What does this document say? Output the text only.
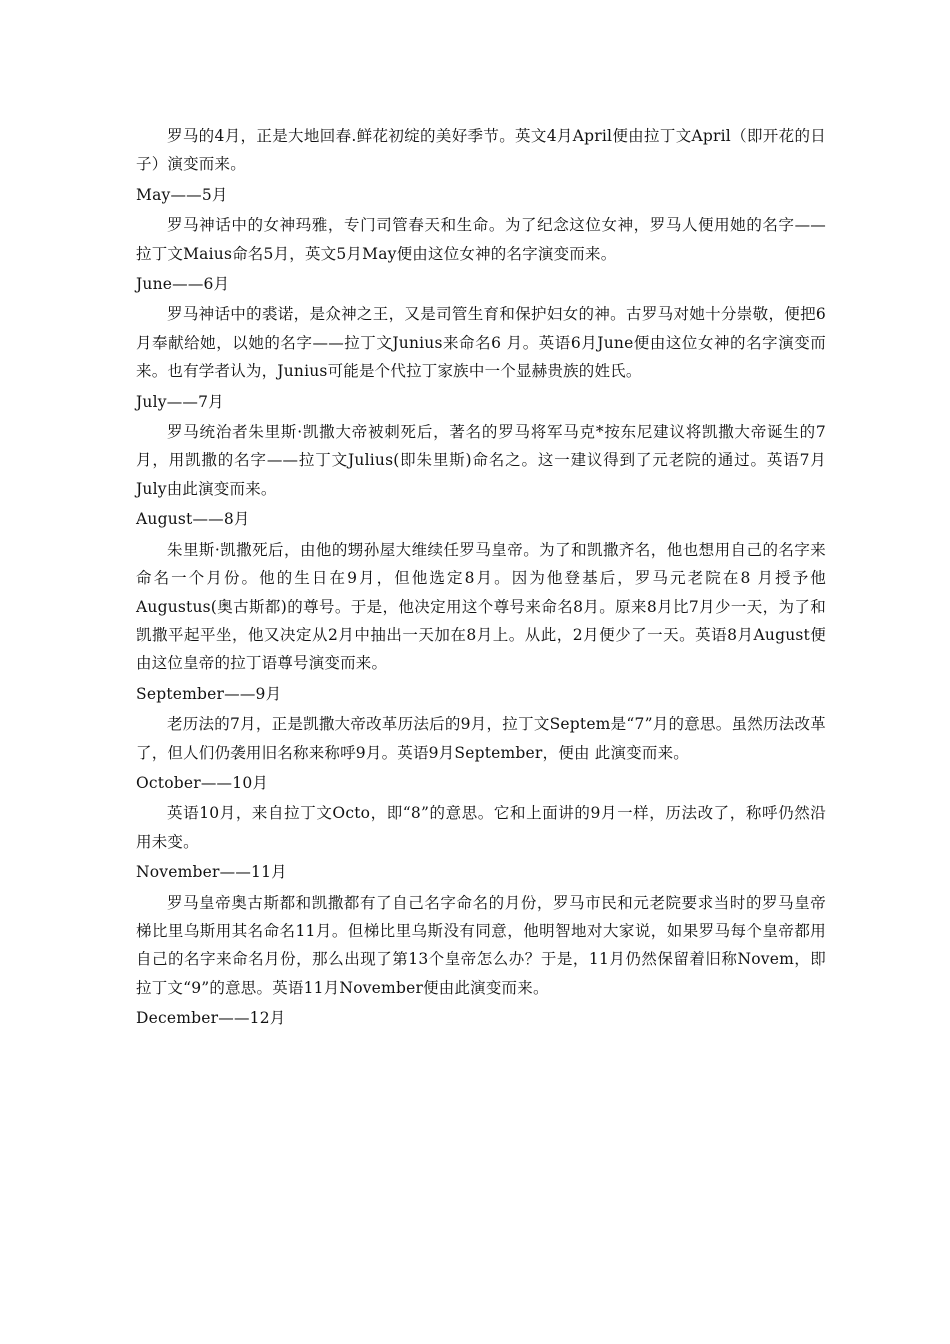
罗马的4月，正是大地回春.鲜花初绽的美好季节。英文4月April便由拉丁文April（即开花的日子）演变而来。

May——5月

罗马神话中的女神玛雅，专门司管春天和生命。为了纪念这位女神，罗马人便用她的名字——拉丁文Maius命名5月，英文5月May便由这位女神的名字演变而来。

June——6月

罗马神话中的裘诺，是众神之王，又是司管生育和保护妇女的神。古罗马对她十分崇敬，便把6月奉献给她，以她的名字——拉丁文Junius来命名6 月。英语6月June便由这位女神的名字演变而来。也有学者认为，Junius可能是个代拉丁家族中一个显赫贵族的姓氏。

July——7月

罗马统治者朱里斯·凯撒大帝被刺死后，著名的罗马将军马克*按东尼建议将凯撒大帝诞生的7月，用凯撒的名字——拉丁文Julius(即朱里斯)命名之。这一建议得到了元老院的通过。英语7月July由此演变而来。

August——8月

朱里斯·凯撒死后，由他的甥孙屋大维续任罗马皇帝。为了和凯撒齐名，他也想用自己的名字来命名一个月份。他的生日在9月，但他选定8月。因为他登基后，罗马元老院在8 月授予他Augustus(奥古斯都)的尊号。于是，他决定用这个尊号来命名8月。原来8月比7月少一天，为了和凯撒平起平坐，他又决定从2月中抽出一天加在8月上。从此，2月便少了一天。英语8月August便由这位皇帝的拉丁语尊号演变而来。

September——9月

老历法的7月，正是凯撒大帝改革历法后的9月，拉丁文Septem是“7”月的意思。虽然历法改革了，但人们仍袭用旧名称来称呼9月。英语9月September，便由 此演变而来。

October——10月

英语10月，来自拉丁文Octo，即“8”的意思。它和上面讲的9月一样，历法改了，称呼仍然沿用未变。

November——11月

罗马皇帝奥古斯都和凯撒都有了自己名字命名的月份，罗马市民和元老院要求当时的罗马皇帝梯比里乌斯用其名命名11月。但梯比里乌斯没有同意，他明智地对大家说，如果罗马每个皇帝都用自己的名字来命名月份，那么出现了第13个皇帝怎么办？于是，11月仍然保留着旧称Novem，即拉丁文“9”的意思。英语11月November便由此演变而来。

December——12月
